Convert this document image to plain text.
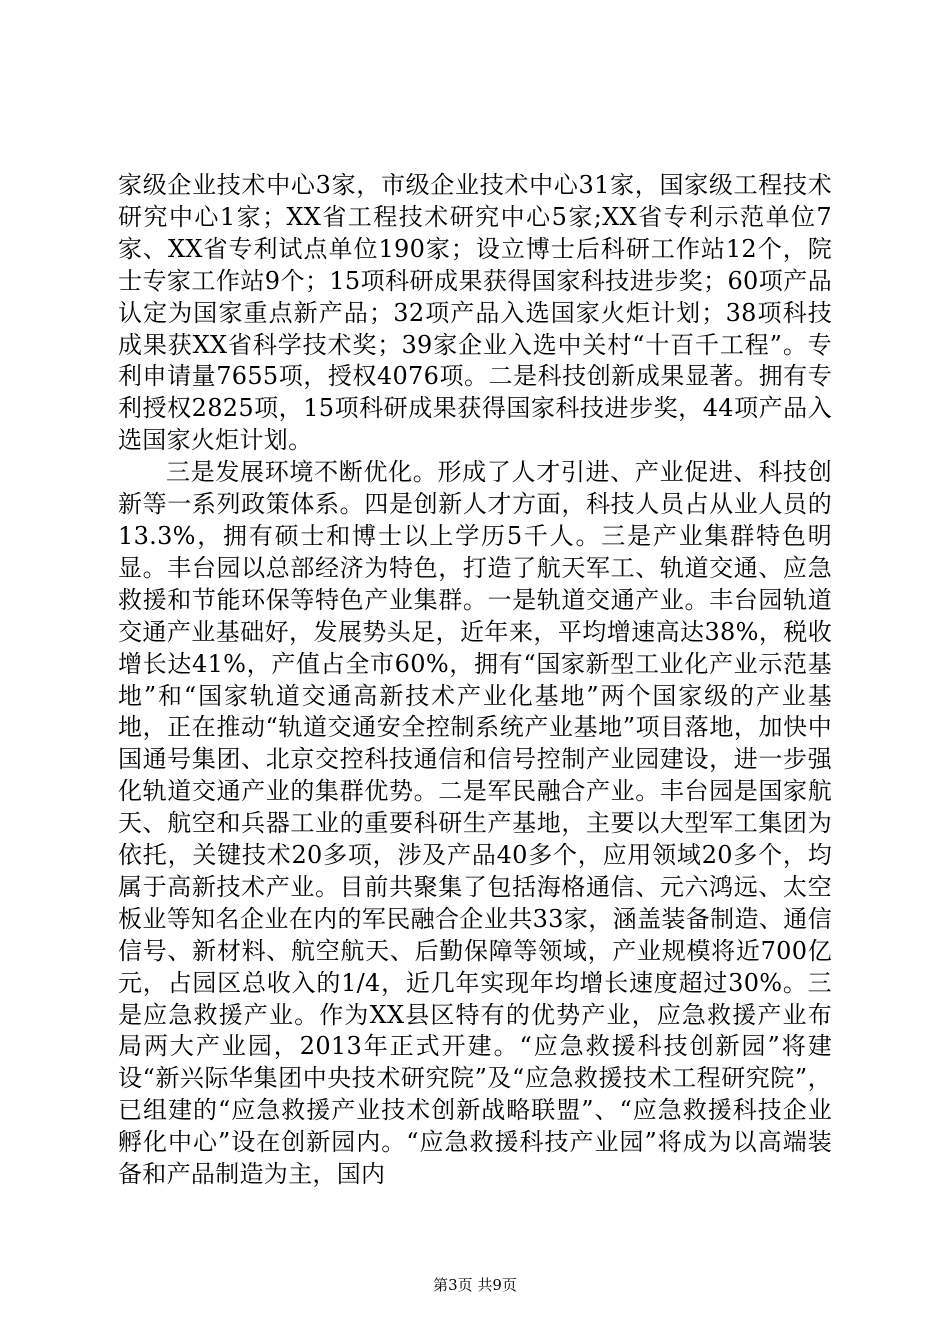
家级企业技术中心3家，市级企业技术中心31家，国家级工程技术研究中心1家；XX省工程技术研究中心5家;XX省专利示范单位7家、XX省专利试点单位190家；设立博士后科研工作站12个，院士专家工作站9个；15项科研成果获得国家科技进步奖；60项产品认定为国家重点新产品；32项产品入选国家火炬计划；38项科技成果获XX省科学技术奖；39家企业入选中关村“十百千工程”。专利申请量7655项，授权4076项。二是科技创新成果显著。拥有专利授权2825项，15项科研成果获得国家科技进步奖，44项产品入选国家火炬计划。

三是发展环境不断优化。形成了人才引进、产业促进、科技创新等一系列政策体系。四是创新人才方面，科技人员占从业人员的13.3%，拥有硕士和博士以上学历5千人。三是产业集群特色明显。丰台园以总部经济为特色，打造了航天军工、轨道交通、应急救援和节能环保等特色产业集群。一是轨道交通产业。丰台园轨道交通产业基础好，发展势头足，近年来，平均增速高达38%，税收增长达41%，产值占全市60%，拥有“国家新型工业化产业示范基地”和“国家轨道交通高新技术产业化基地”两个国家级的产业基地，正在推动“轨道交通安全控制系统产业基地”项目落地，加快中国通号集团、北京交控科技通信和信号控制产业园建设，进一步强化轨道交通产业的集群优势。二是军民融合产业。丰台园是国家航天、航空和兵器工业的重要科研生产基地，主要以大型军工集团为依托，关键技术20多项，涉及产品40多个，应用领域20多个，均属于高新技术产业。目前共聚集了包括海格通信、元六鸿远、太空板业等知名企业在内的军民融合企业共33家，涵盖装备制造、通信信号、新材料、航空航天、后勤保障等领域，产业规模将近700亿元，占园区总收入的1/4，近几年实现年均增长速度超过30%。三是应急救援产业。作为XX县区特有的优势产业，应急救援产业布局两大产业园，2013年正式开建。“应急救援科技创新园”将建设“新兴际华集团中央技术研究院”及“应急救援技术工程研究院”，已组建的“应急救援产业技术创新战略联盟”、“应急救援科技企业孵化中心”设在创新园内。“应急救援科技产业园”将成为以高端装备和产品制造为主，国内

第3页 共9页
